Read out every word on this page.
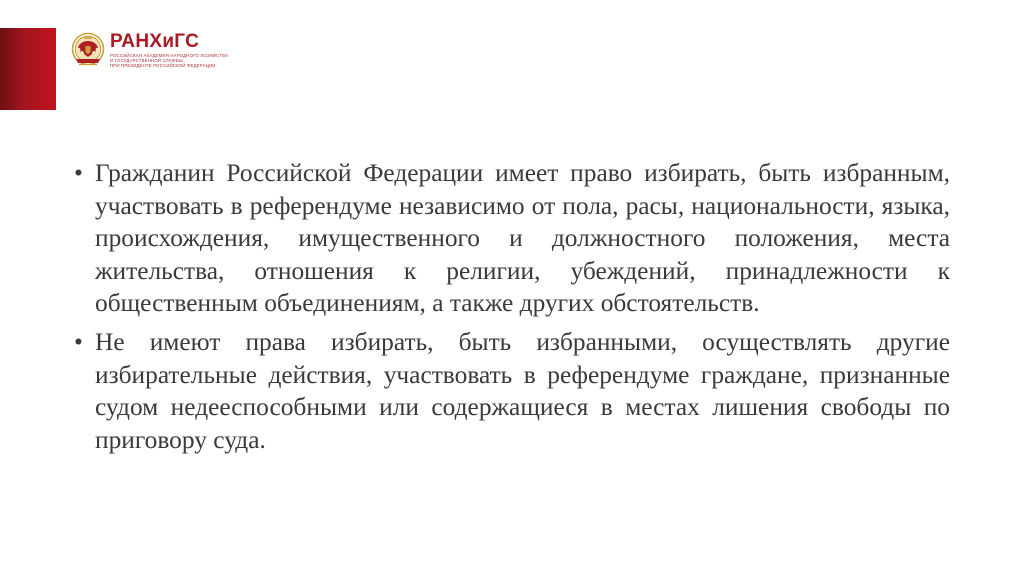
РАНХиГС
РОССИЙСКАЯ АКАДЕМИЯ НАРОДНОГО ХОЗЯЙСТВА
И ГОСУДАРСТВЕННОЙ СЛУЖБЫ
ПРИ ПРЕЗИДЕНТЕ РОССИЙСКОЙ ФЕДЕРАЦИИ

• Гражданин Российской Федерации имеет право избирать, быть избранным, участвовать в референдуме независимо от пола, расы, национальности, языка, происхождения, имущественного и должностного положения, места жительства, отношения к религии, убеждений, принадлежности к общественным объединениям, а также других обстоятельств.

• Не имеют права избирать, быть избранными, осуществлять другие избирательные действия, участвовать в референдуме граждане, признанные судом недееспособными или содержащиеся в местах лишения свободы по приговору суда.
